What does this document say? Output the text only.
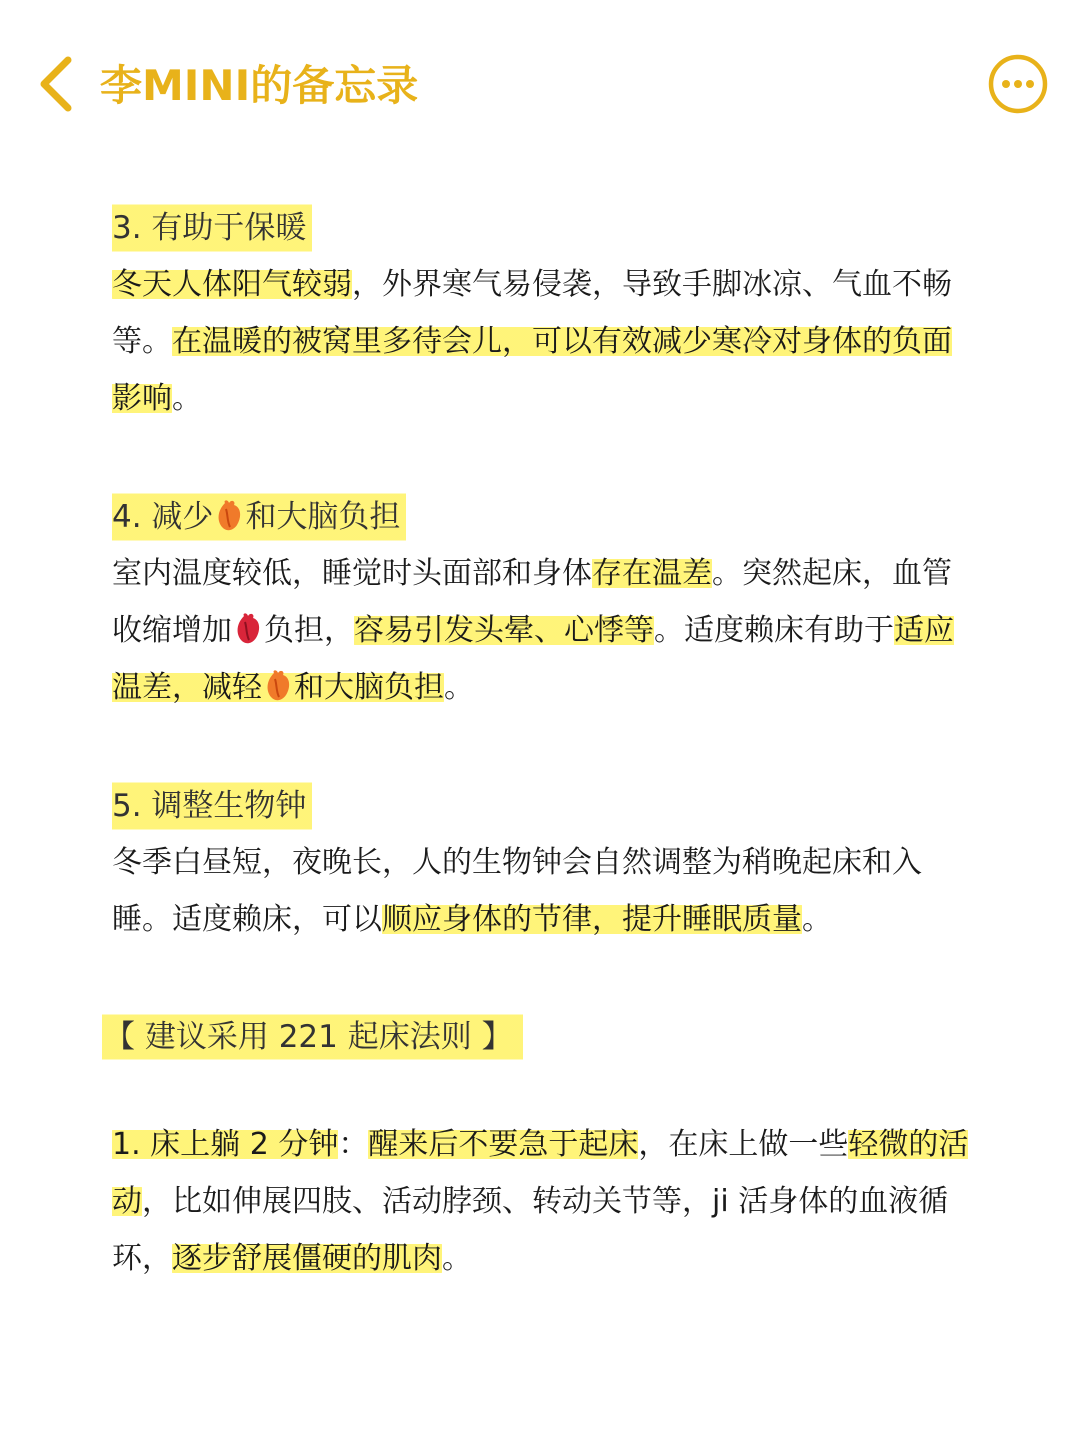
李MINI的备忘录
3. 有助于保暖

冬天人体阳气较弱，外界寒气易侵袭，导致手脚冰凉、气血不畅等。在温暖的被窝里多待会儿，可以有效减少寒冷对身体的负面影响。

4. 减少 和大脑负担

室内温度较低，睡觉时头面部和身体存在温差。突然起床，血管收缩增加 负担，容易引发头晕、心悸等。适度赖床有助于适应温差，减轻 和大脑负担。

5. 调整生物钟

冬季白昼短，夜晚长，人的生物钟会自然调整为稍晚起床和入睡。适度赖床，可以顺应身体的节律，提升睡眠质量。

【 建议采用 221 起床法则 】

1. 床上躺 2 分钟：醒来后不要急于起床，在床上做一些轻微的活动，比如伸展四肢、活动脖颈、转动关节等，ji 活身体的血液循环，逐步舒展僵硬的肌肉。
